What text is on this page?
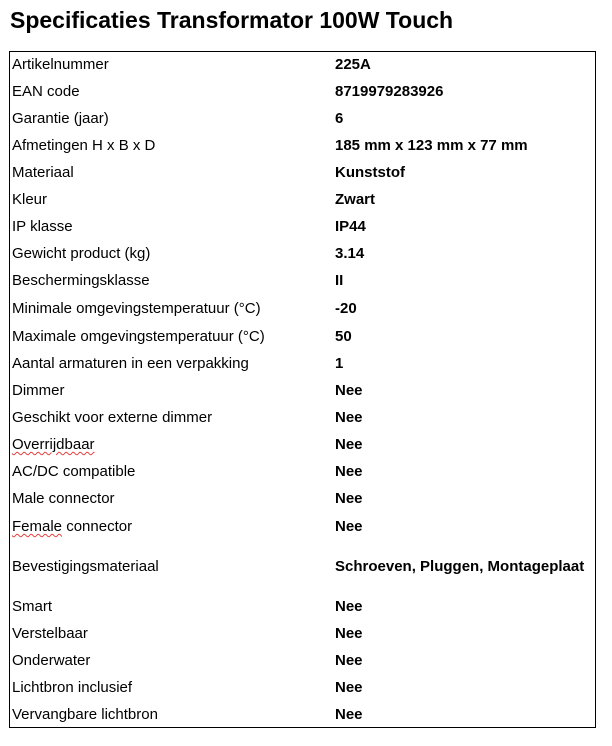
Specificaties Transformator 100W Touch
Artikelnummer	225A
EAN code	8719979283926
Garantie (jaar)	6
Afmetingen H x B x D	185 mm x 123 mm x 77 mm
Materiaal	Kunststof
Kleur	Zwart
IP klasse	IP44
Gewicht product (kg)	3.14
Beschermingsklasse	II
Minimale omgevingstemperatuur (°C)	-20
Maximale omgevingstemperatuur (°C)	50
Aantal armaturen in een verpakking	1
Dimmer	Nee
Geschikt voor externe dimmer	Nee
Overrijdbaar	Nee
AC/DC compatible	Nee
Male connector	Nee
Female connector	Nee
Bevestigingsmateriaal	Schroeven, Pluggen, Montageplaat
Smart	Nee
Verstelbaar	Nee
Onderwater	Nee
Lichtbron inclusief	Nee
Vervangbare lichtbron	Nee
